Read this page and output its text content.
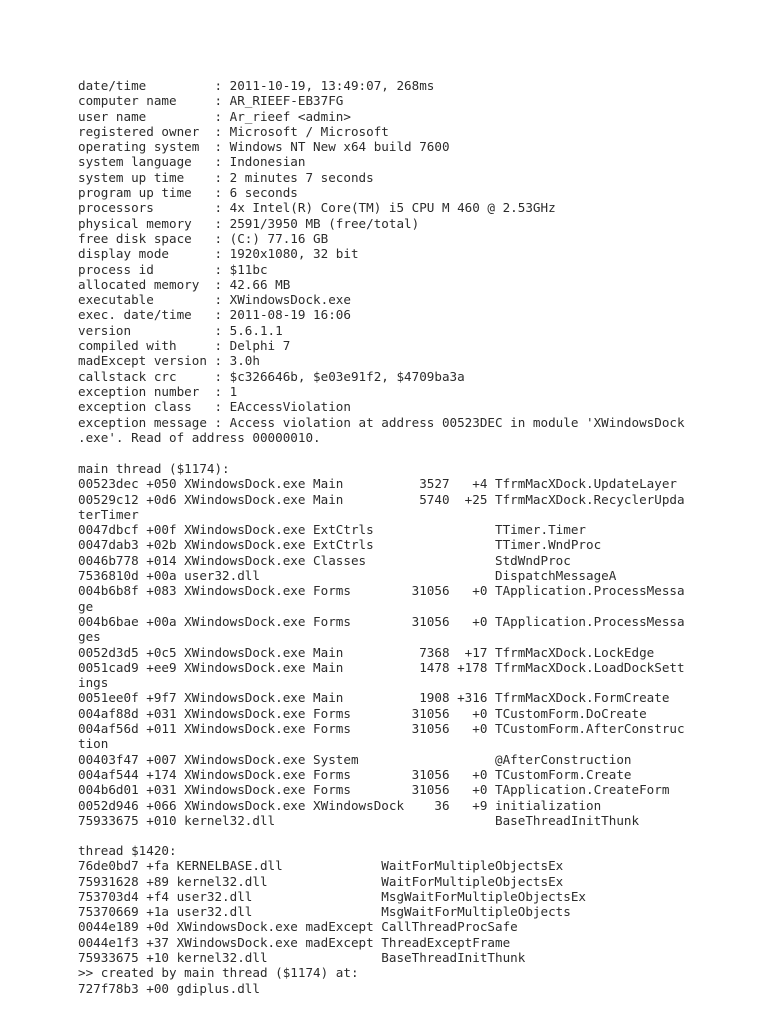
date/time         : 2011-10-19, 13:49:07, 268ms
computer name     : AR_RIEEF-EB37FG
user name         : Ar_rieef <admin>
registered owner  : Microsoft / Microsoft
operating system  : Windows NT New x64 build 7600
system language   : Indonesian
system up time    : 2 minutes 7 seconds
program up time   : 6 seconds
processors        : 4x Intel(R) Core(TM) i5 CPU M 460 @ 2.53GHz
physical memory   : 2591/3950 MB (free/total)
free disk space   : (C:) 77.16 GB
display mode      : 1920x1080, 32 bit
process id        : $11bc
allocated memory  : 42.66 MB
executable        : XWindowsDock.exe
exec. date/time   : 2011-08-19 16:06
version           : 5.6.1.1
compiled with     : Delphi 7
madExcept version : 3.0h
callstack crc     : $c326646b, $e03e91f2, $4709ba3a
exception number  : 1
exception class   : EAccessViolation
exception message : Access violation at address 00523DEC in module 'XWindowsDock
.exe'. Read of address 00000010.
main thread ($1174):
00523dec +050 XWindowsDock.exe Main          3527   +4 TfrmMacXDock.UpdateLayer
00529c12 +0d6 XWindowsDock.exe Main          5740  +25 TfrmMacXDock.RecyclerUpda
terTimer
0047dbcf +00f XWindowsDock.exe ExtCtrls                TTimer.Timer
0047dab3 +02b XWindowsDock.exe ExtCtrls                TTimer.WndProc
0046b778 +014 XWindowsDock.exe Classes                 StdWndProc
7536810d +00a user32.dll                               DispatchMessageA
004b6b8f +083 XWindowsDock.exe Forms        31056   +0 TApplication.ProcessMessa
ge
004b6bae +00a XWindowsDock.exe Forms        31056   +0 TApplication.ProcessMessa
ges
0052d3d5 +0c5 XWindowsDock.exe Main          7368  +17 TfrmMacXDock.LockEdge
0051cad9 +ee9 XWindowsDock.exe Main          1478 +178 TfrmMacXDock.LoadDockSett
ings
0051ee0f +9f7 XWindowsDock.exe Main          1908 +316 TfrmMacXDock.FormCreate
004af88d +031 XWindowsDock.exe Forms        31056   +0 TCustomForm.DoCreate
004af56d +011 XWindowsDock.exe Forms        31056   +0 TCustomForm.AfterConstruc
tion
00403f47 +007 XWindowsDock.exe System                  @AfterConstruction
004af544 +174 XWindowsDock.exe Forms        31056   +0 TCustomForm.Create
004b6d01 +031 XWindowsDock.exe Forms        31056   +0 TApplication.CreateForm
0052d946 +066 XWindowsDock.exe XWindowsDock    36   +9 initialization
75933675 +010 kernel32.dll                             BaseThreadInitThunk
thread $1420:
76de0bd7 +fa KERNELBASE.dll             WaitForMultipleObjectsEx
75931628 +89 kernel32.dll               WaitForMultipleObjectsEx
753703d4 +f4 user32.dll                 MsgWaitForMultipleObjectsEx
75370669 +1a user32.dll                 MsgWaitForMultipleObjects
0044e189 +0d XWindowsDock.exe madExcept CallThreadProcSafe
0044e1f3 +37 XWindowsDock.exe madExcept ThreadExceptFrame
75933675 +10 kernel32.dll               BaseThreadInitThunk
>> created by main thread ($1174) at:
727f78b3 +00 gdiplus.dll
